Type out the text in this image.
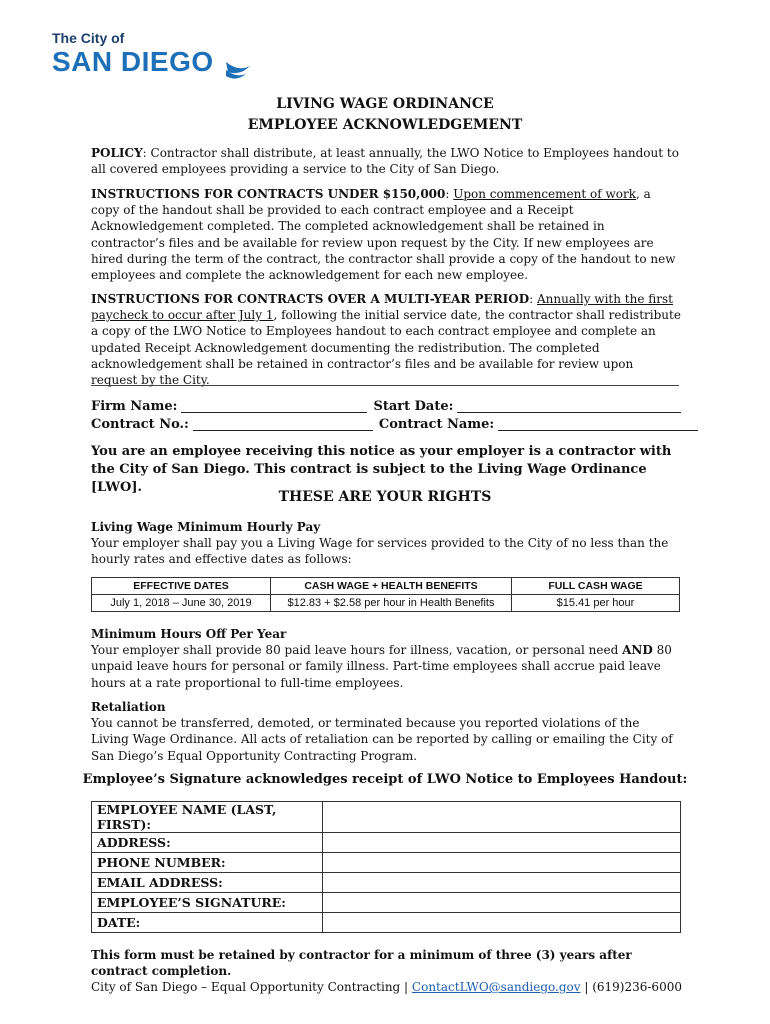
The City of
SAN DIEGO
LIVING WAGE ORDINANCE
EMPLOYEE ACKNOWLEDGEMENT

POLICY: Contractor shall distribute, at least annually, the LWO Notice to Employees handout to all covered employees providing a service to the City of San Diego.

INSTRUCTIONS FOR CONTRACTS UNDER $150,000: Upon commencement of work, a copy of the handout shall be provided to each contract employee and a Receipt Acknowledgement completed. The completed acknowledgement shall be retained in contractor’s files and be available for review upon request by the City. If new employees are hired during the term of the contract, the contractor shall provide a copy of the handout to new employees and complete the acknowledgement for each new employee.

INSTRUCTIONS FOR CONTRACTS OVER A MULTI-YEAR PERIOD: Annually with the first paycheck to occur after July 1, following the initial service date, the contractor shall redistribute a copy of the LWO Notice to Employees handout to each contract employee and complete an updated Receipt Acknowledgement documenting the redistribution. The completed acknowledgement shall be retained in contractor’s files and be available for review upon request by the City.

Firm Name:	Start Date:
Contract No.:	Contract Name:
You are an employee receiving this notice as your employer is a contractor with the City of San Diego. This contract is subject to the Living Wage Ordinance [LWO].
THESE ARE YOUR RIGHTS

Living Wage Minimum Hourly Pay
Your employer shall pay you a Living Wage for services provided to the City of no less than the hourly rates and effective dates as follows:

EFFECTIVE DATES	CASH WAGE + HEALTH BENEFITS	FULL CASH WAGE
July 1, 2018 – June 30, 2019	$12.83 + $2.58 per hour in Health Benefits	$15.41 per hour

Minimum Hours Off Per Year
Your employer shall provide 80 paid leave hours for illness, vacation, or personal need AND 80 unpaid leave hours for personal or family illness. Part-time employees shall accrue paid leave hours at a rate proportional to full-time employees.

Retaliation
You cannot be transferred, demoted, or terminated because you reported violations of the Living Wage Ordinance. All acts of retaliation can be reported by calling or emailing the City of San Diego’s Equal Opportunity Contracting Program.

Employee’s Signature acknowledges receipt of LWO Notice to Employees Handout:
EMPLOYEE NAME (LAST, FIRST):	
ADDRESS:	
PHONE NUMBER:	
EMAIL ADDRESS:	
EMPLOYEE’S SIGNATURE:	
DATE:	
This form must be retained by contractor for a minimum of three (3) years after contract completion.
City of San Diego – Equal Opportunity Contracting | ContactLWO@sandiego.gov | (619)236-6000
